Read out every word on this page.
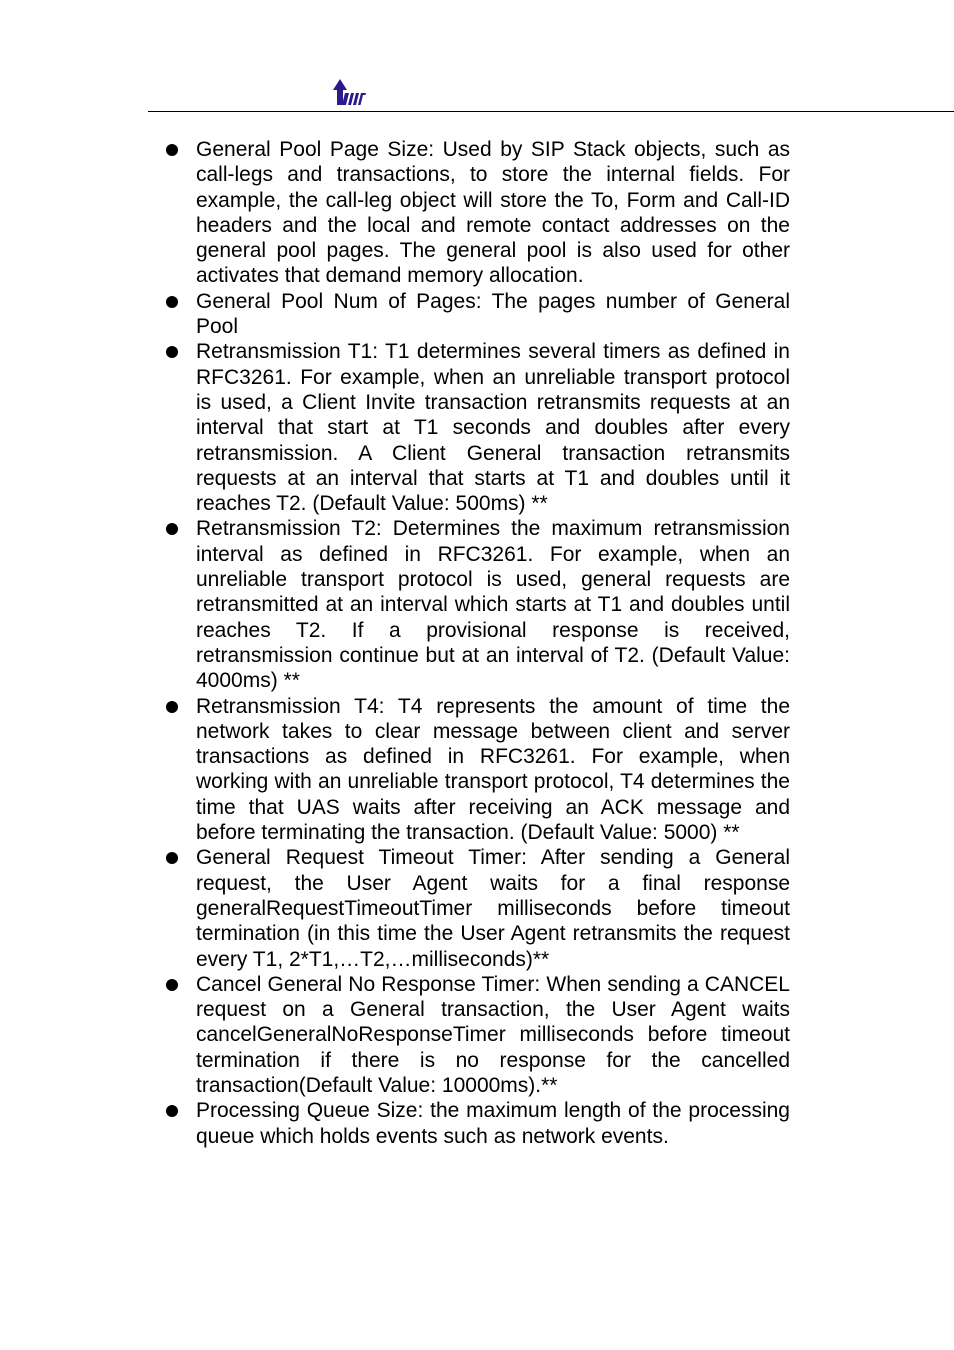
General Pool Page Size: Used by SIP Stack objects, such as call-legs and transactions, to store the internal fields. For example, the call-leg object will store the To, Form and Call-ID headers and the local and remote contact addresses on the general pool pages. The general pool is also used for other activates that demand memory allocation.
General Pool Num of Pages: The pages number of General Pool
Retransmission T1: T1 determines several timers as defined in RFC3261. For example, when an unreliable transport protocol is used, a Client Invite transaction retransmits requests at an interval that start at T1 seconds and doubles after every retransmission. A Client General transaction retransmits requests at an interval that starts at T1 and doubles until it reaches T2. (Default Value: 500ms) **
Retransmission T2: Determines the maximum retransmission interval as defined in RFC3261. For example, when an unreliable transport protocol is used, general requests are retransmitted at an interval which starts at T1 and doubles until reaches T2. If a provisional response is received, retransmission continue but at an interval of T2. (Default Value: 4000ms) **
Retransmission T4: T4 represents the amount of time the network takes to clear message between client and server transactions as defined in RFC3261. For example, when working with an unreliable transport protocol, T4 determines the time that UAS waits after receiving an ACK message and before terminating the transaction. (Default Value: 5000) **
General Request Timeout Timer: After sending a General request, the User Agent waits for a final response generalRequestTimeoutTimer milliseconds before timeout termination (in this time the User Agent retransmits the request every T1, 2*T1,…T2,…milliseconds)**
Cancel General No Response Timer: When sending a CANCEL request on a General transaction, the User Agent waits cancelGeneralNoResponseTimer milliseconds before timeout termination if there is no response for the cancelled transaction(Default Value: 10000ms).**
Processing Queue Size: the maximum length of the processing queue which holds events such as network events.
